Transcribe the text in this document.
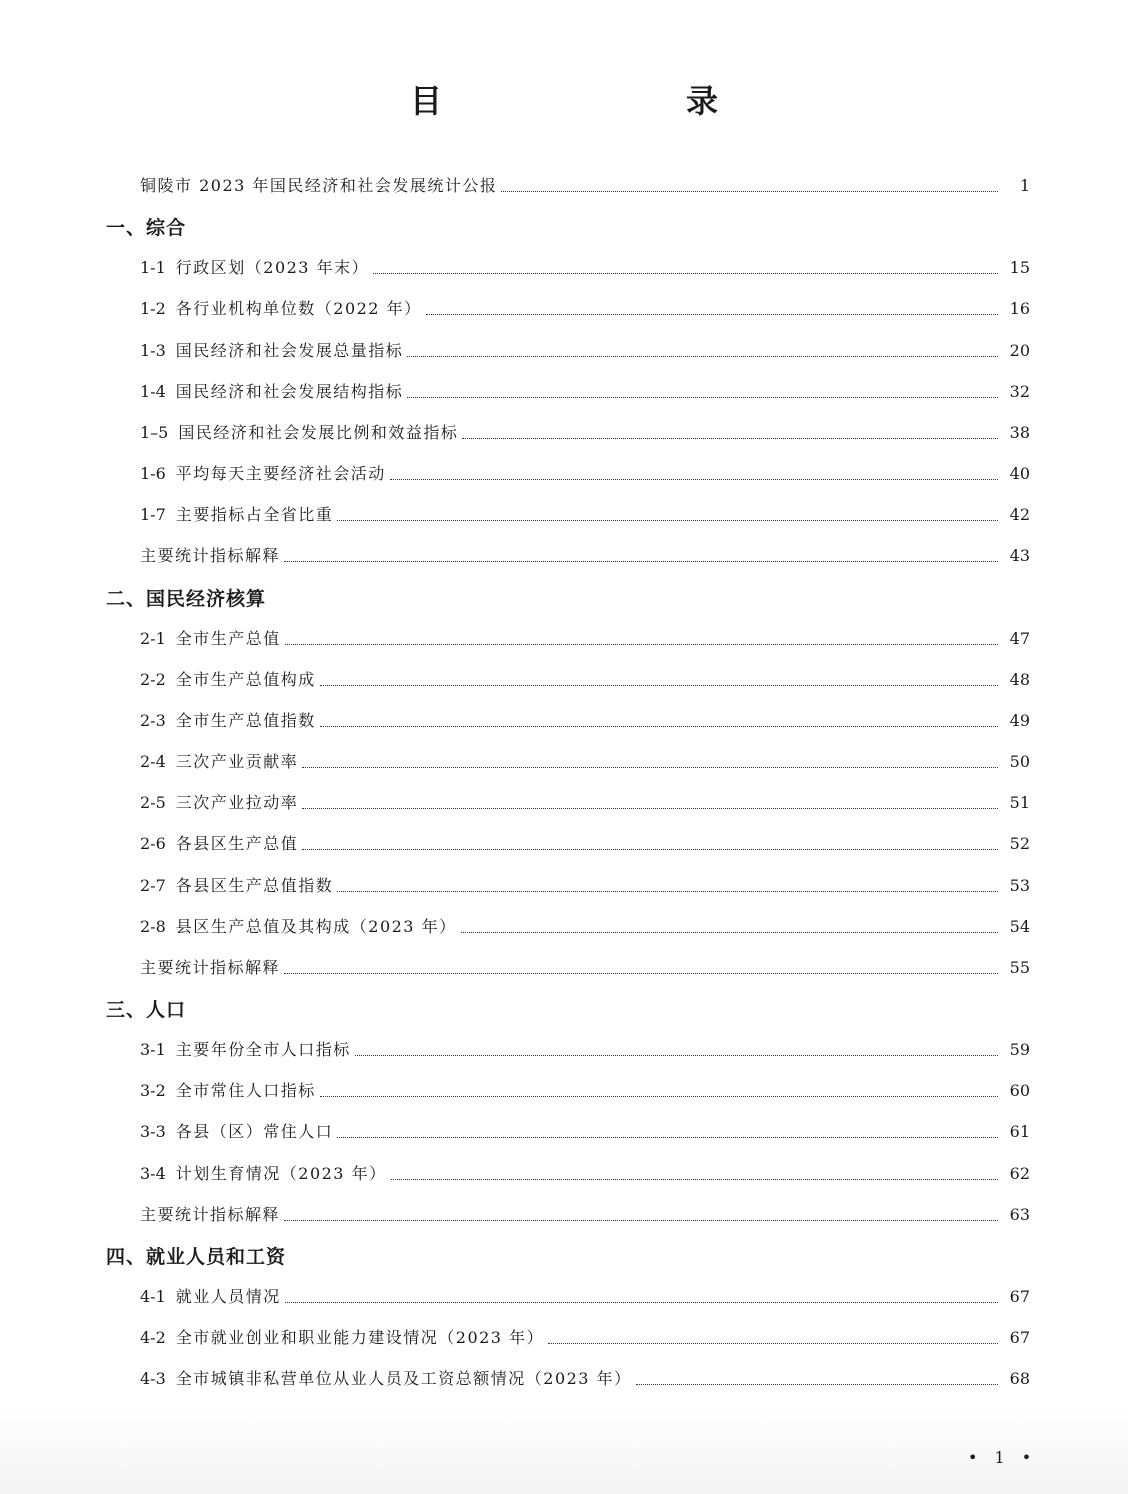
目　　录
铜陵市 2023 年国民经济和社会发展统计公报	1
一、综合
1-1 行政区划（2023 年末）	15
1-2 各行业机构单位数（2022 年）	16
1-3 国民经济和社会发展总量指标	20
1-4 国民经济和社会发展结构指标	32
1–5 国民经济和社会发展比例和效益指标	38
1-6 平均每天主要经济社会活动	40
1-7 主要指标占全省比重	42
主要统计指标解释	43
二、国民经济核算
2-1 全市生产总值	47
2-2 全市生产总值构成	48
2-3 全市生产总值指数	49
2-4 三次产业贡献率	50
2-5 三次产业拉动率	51
2-6 各县区生产总值	52
2-7 各县区生产总值指数	53
2-8 县区生产总值及其构成（2023 年）	54
主要统计指标解释	55
三、人口
3-1 主要年份全市人口指标	59
3-2 全市常住人口指标	60
3-3 各县（区）常住人口	61
3-4 计划生育情况（2023 年）	62
主要统计指标解释	63
四、就业人员和工资
4-1 就业人员情况	67
4-2 全市就业创业和职业能力建设情况（2023 年）	67
4-3 全市城镇非私营单位从业人员及工资总额情况（2023 年）	68
• 1 •
